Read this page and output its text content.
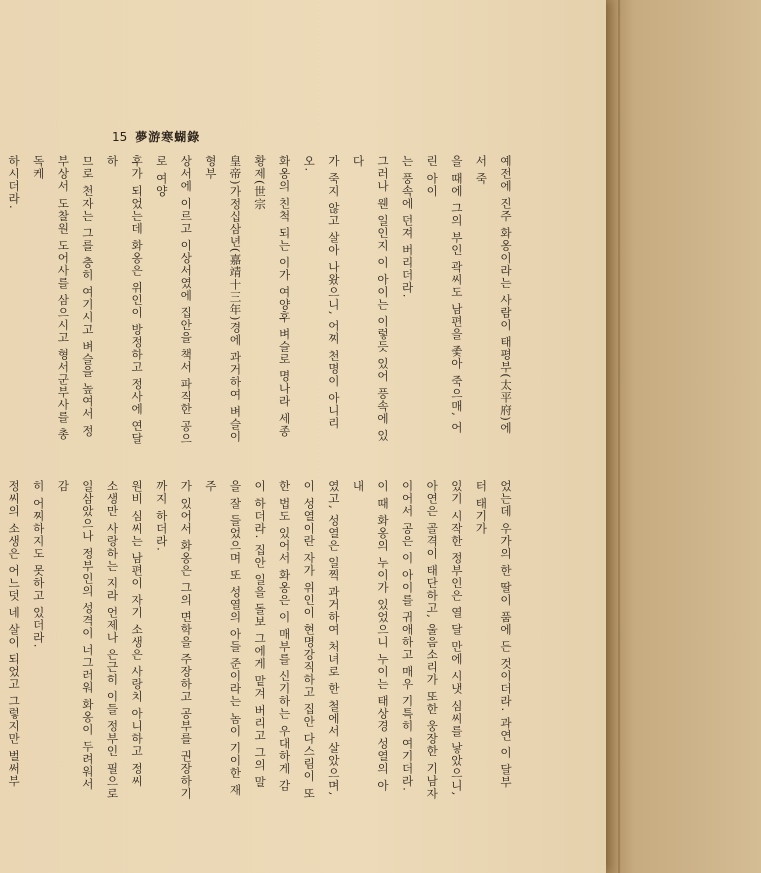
15 夢游寒蝴錄
예전에 진주 화옹이라는 사람이 태평부(太平府)에서 죽
을 때에 그의 부인 곽씨도 남편을 좇아 죽으매, 어린 아이
는 풍속에 던져 버리더라.
그러나 웬 일인지 이 아이는 이렇듯 있어 풍속에 있다
가 죽지 않고 살아 나왔으니, 어찌 천명이 아니리오.
화옹의 친척 되는 이가 여양후 벼슬로 명나라 세종황제(世宗
皇帝)가정십삼년(嘉靖十三年)경에 과거하여 벼슬이 형부
상서에 이르고 이상서였에 집안을 책서 파직한 공으로 여양
후가 되었는데 화옹은 위인이 방정하고 정사에 연달하
므로 천자는 그를 충히 여기시고 벼슬을 높여서 정
부상서 도찰원 도어사를 삼으시고 형서군부사를 총독케
하시더라.
었는데 우가의 한 딸이 품에 든 것이더라. 과연 이 달부터 태기가
있기 시작한 정부인은 열 달 만에 시냇 심씨를 낳았으니,
아연은 골격이 태단하고, 울음소리가 또한 웅장한 기남자
이어서 공은 이 아이를 귀애하고 매우 기특히 여기더라.
이 때 화옹의 누이가 있었으니 누이는 태상경 성열의 아내
였고, 성열은 일찍 과거하여 처녀로 한 철에서 살았으며,
이 성열이란 자가 위인이 현명강직하고 집안 다스림이 또
한 법도 있어서 화옹은 이 매부를 신기하는 우대하게 감
이 하더라. 집안 일을 돌보 그에게 맡겨 버리고 그의 말
을 잘 들었으며 또 성열의 아들 준이라는 놈이 기이한 재주
가 있어서 화옹은 그의 면학을 주장하고 공부를 권장하기
까지 하더라.
원비 심씨는 남편이 자기 소생은 사랑치 아니하고 정씨
소생만 사랑하는 지라 언제나 은근히 이들 정부인 필으로
일삼았으나 정부인의 성격이 너그러워 화옹이 두려워서 감
히 어찌하지도 못하고 있더라.
정씨의 소생은 어느덧 네 살이 되었고 그렇지만 벌써부
